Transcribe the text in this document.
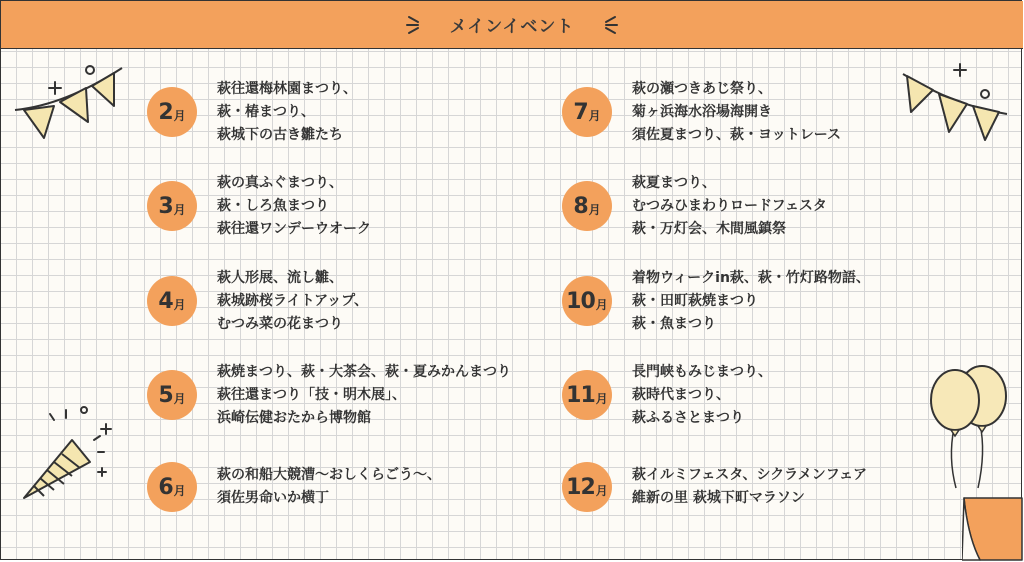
メインイベント
2 月
萩往還梅林園まつり、
萩・椿まつり、
萩城下の古き雛たち
3 月
萩の真ふぐまつり、
萩・しろ魚まつり
萩往還ワンデーウオーク
4 月
萩人形展、流し雛、
萩城跡桜ライトアップ、
むつみ菜の花まつり
5 月
萩焼まつり、萩・大茶会、萩・夏みかんまつり
萩往還まつり「技・明木展」、
浜崎伝健おたから博物館
6 月
萩の和船大競漕〜おしくらごう〜、
須佐男命いか横丁
7 月
萩の瀬つきあじ祭り、
菊ヶ浜海水浴場海開き
須佐夏まつり、萩・ヨットレース
8 月
萩夏まつり、
むつみひまわりロードフェスタ
萩・万灯会、木間風鎮祭
10 月
着物ウィークin萩、萩・竹灯路物語、
萩・田町萩焼まつり
萩・魚まつり
11 月
長門峡もみじまつり、
萩時代まつり、
萩ふるさとまつり
12 月
萩イルミフェスタ、シクラメンフェア
維新の里 萩城下町マラソン
